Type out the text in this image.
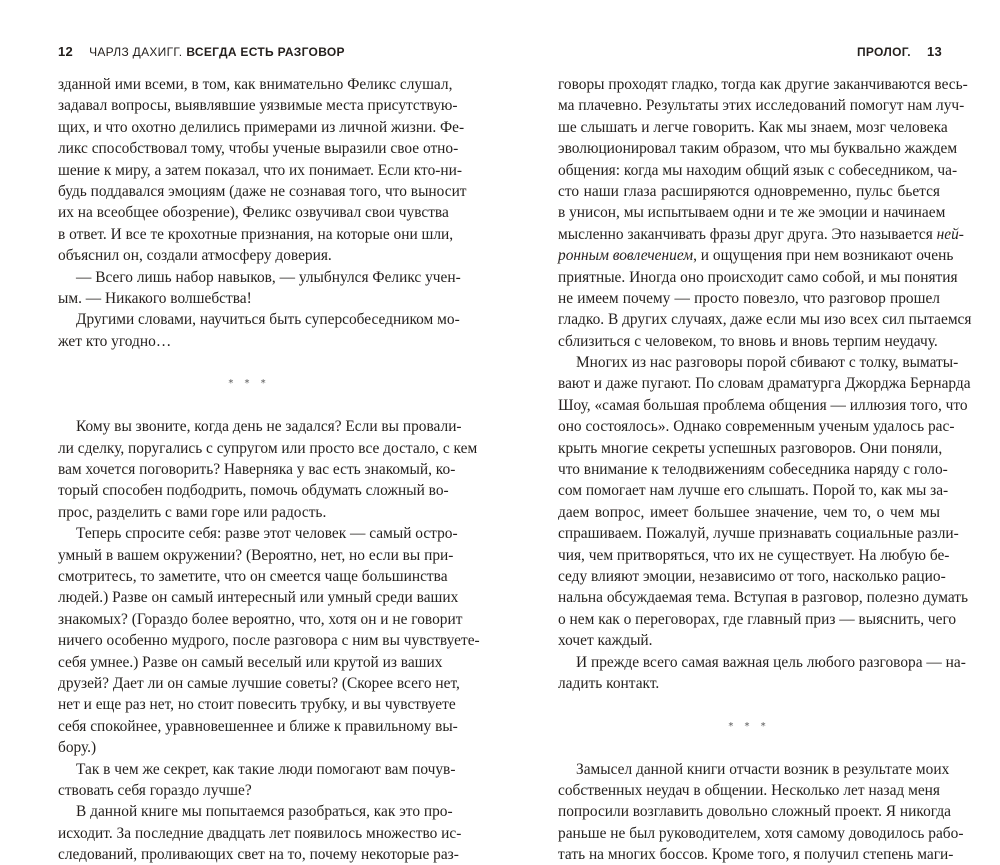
12 ЧАРЛЗ ДАХИГГ. ВСЕГДА ЕСТЬ РАЗГОВОР
зданной ими всеми, в том, как внимательно Феликс слушал,
задавал вопросы, выявлявшие уязвимые места присутствую-
щих, и что охотно делились примерами из личной жизни. Фе-
ликс способствовал тому, чтобы ученые выразили свое отно-
шение к миру, а затем показал, что их понимает. Если кто-ни-
будь поддавался эмоциям (даже не сознавая того, что выносит
их на всеобщее обозрение), Феликс озвучивал свои чувства
в ответ. И все те крохотные признания, на которые они шли,
объяснил он, создали атмосферу доверия.
— Всего лишь набор навыков, — улыбнулся Феликс учен-
ым. — Никакого волшебства!
Другими словами, научиться быть суперсобеседником мо-
жет кто угодно…
* * *
Кому вы звоните, когда день не задался? Если вы провали-
ли сделку, поругались с супругом или просто все достало, с кем
вам хочется поговорить? Наверняка у вас есть знакомый, ко-
торый способен подбодрить, помочь обдумать сложный во-
прос, разделить с вами горе или радость.
Теперь спросите себя: разве этот человек — самый остро-
умный в вашем окружении? (Вероятно, нет, но если вы при-
смотритесь, то заметите, что он смеется чаще большинства
людей.) Разве он самый интересный или умный среди ваших
знакомых? (Гораздо более вероятно, что, хотя он и не говорит
ничего особенно мудрого, после разговора с ним вы чувствуете-
себя умнее.) Разве он самый веселый или крутой из ваших
друзей? Дает ли он самые лучшие советы? (Скорее всего нет,
нет и еще раз нет, но стоит повесить трубку, и вы чувствуете
себя спокойнее, уравновешеннее и ближе к правильному вы-
бору.)
Так в чем же секрет, как такие люди помогают вам почув-
ствовать себя гораздо лучше?
В данной книге мы попытаемся разобраться, как это про-
исходит. За последние двадцать лет появилось множество ис-
следований, проливающих свет на то, почему некоторые раз-
ПРОЛОГ. 13
говоры проходят гладко, тогда как другие заканчиваются весь-
ма плачевно. Результаты этих исследований помогут нам луч-
ше слышать и легче говорить. Как мы знаем, мозг человека
эволюционировал таким образом, что мы буквально жаждем
общения: когда мы находим общий язык с собеседником, ча-
сто наши глаза расширяются одновременно, пульс бьется
в унисон, мы испытываем одни и те же эмоции и начинаем
мысленно заканчивать фразы друг друга. Это называется ней-
ронным вовлечением, и ощущения при нем возникают очень
приятные. Иногда оно происходит само собой, и мы понятия
не имеем почему — просто повезло, что разговор прошел
гладко. В других случаях, даже если мы изо всех сил пытаемся
сблизиться с человеком, то вновь и вновь терпим неудачу.
Многих из нас разговоры порой сбивают с толку, выматы-
вают и даже пугают. По словам драматурга Джорджа Бернарда
Шоу, «самая большая проблема общения — иллюзия того, что
оно состоялось». Однако современным ученым удалось рас-
крыть многие секреты успешных разговоров. Они поняли,
что внимание к телодвижениям собеседника наряду с голо-
сом помогает нам лучше его слышать. Порой то, как мы за-
даем вопрос, имеет большее значение, чем то, о чем мы
спрашиваем. Пожалуй, лучше признавать социальные разли-
чия, чем притворяться, что их не существует. На любую бе-
седу влияют эмоции, независимо от того, насколько рацио-
нальна обсуждаемая тема. Вступая в разговор, полезно думать
о нем как о переговорах, где главный приз — выяснить, чего
хочет каждый.
И прежде всего самая важная цель любого разговора — на-
ладить контакт.
* * *
Замысел данной книги отчасти возник в результате моих
собственных неудач в общении. Несколько лет назад меня
попросили возглавить довольно сложный проект. Я никогда
раньше не был руководителем, хотя самому доводилось рабо-
тать на многих боссов. Кроме того, я получил степень маги-
